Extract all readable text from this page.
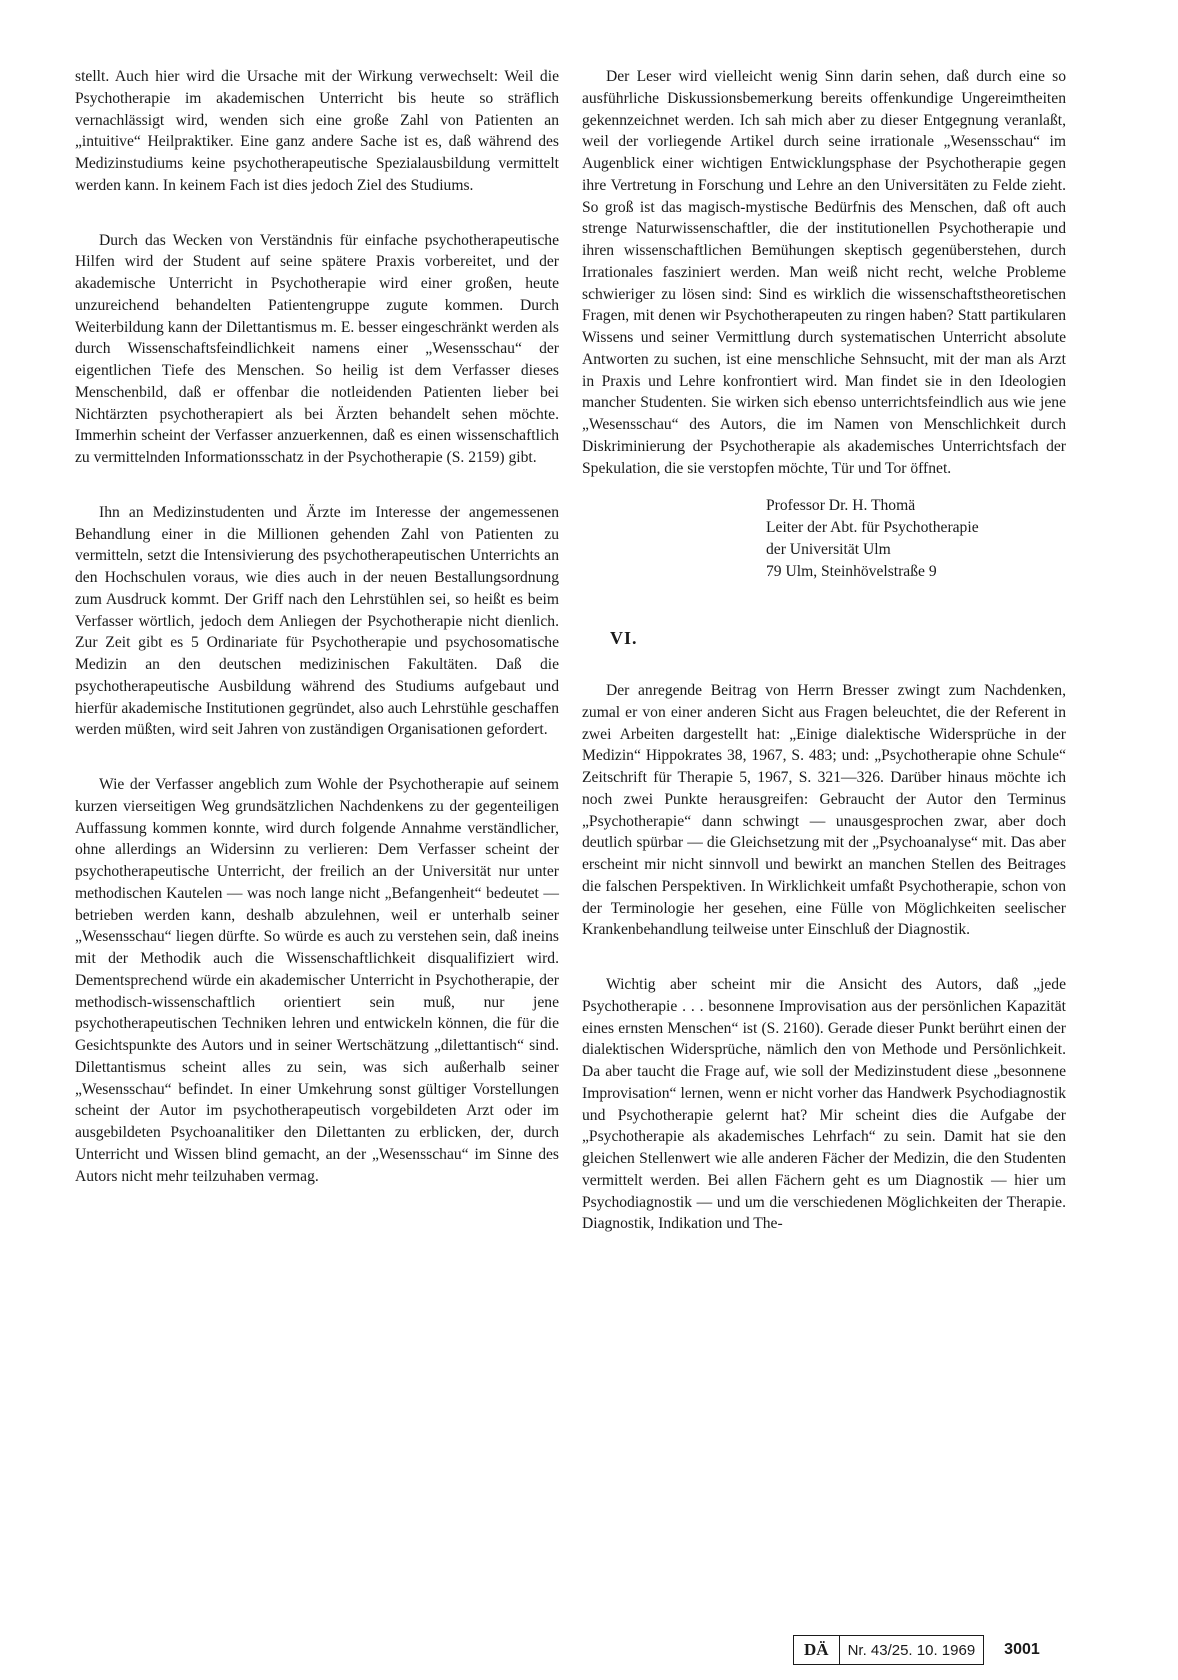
stellt. Auch hier wird die Ursache mit der Wirkung verwechselt: Weil die Psychotherapie im akademischen Unterricht bis heute so sträflich vernachlässigt wird, wenden sich eine große Zahl von Patienten an „intuitive“ Heilpraktiker. Eine ganz andere Sache ist es, daß während des Medizinstudiums keine psychotherapeutische Spezialausbildung vermittelt werden kann. In keinem Fach ist dies jedoch Ziel des Studiums.

Durch das Wecken von Verständnis für einfache psychotherapeutische Hilfen wird der Student auf seine spätere Praxis vorbereitet, und der akademische Unterricht in Psychotherapie wird einer großen, heute unzureichend behandelten Patientengruppe zugute kommen. Durch Weiterbildung kann der Dilettantismus m. E. besser eingeschränkt werden als durch Wissenschaftsfeindlichkeit namens einer „Wesensschau“ der eigentlichen Tiefe des Menschen. So heilig ist dem Verfasser dieses Menschenbild, daß er offenbar die notleidenden Patienten lieber bei Nichtärzten psychotherapiert als bei Ärzten behandelt sehen möchte. Immerhin scheint der Verfasser anzuerkennen, daß es einen wissenschaftlich zu vermittelnden Informationsschatz in der Psychotherapie (S. 2159) gibt.

Ihn an Medizinstudenten und Ärzte im Interesse der angemessenen Behandlung einer in die Millionen gehenden Zahl von Patienten zu vermitteln, setzt die Intensivierung des psychotherapeutischen Unterrichts an den Hochschulen voraus, wie dies auch in der neuen Bestallungsordnung zum Ausdruck kommt. Der Griff nach den Lehrstühlen sei, so heißt es beim Verfasser wörtlich, jedoch dem Anliegen der Psychotherapie nicht dienlich. Zur Zeit gibt es 5 Ordinariate für Psychotherapie und psychosomatische Medizin an den deutschen medizinischen Fakultäten. Daß die psychotherapeutische Ausbildung während des Studiums aufgebaut und hierfür akademische Institutionen gegründet, also auch Lehrstühle geschaffen werden müßten, wird seit Jahren von zuständigen Organisationen gefordert.

Wie der Verfasser angeblich zum Wohle der Psychotherapie auf seinem kurzen vierseitigen Weg grundsätzlichen Nachdenkens zu der gegenteiligen Auffassung kommen konnte, wird durch folgende Annahme verständlicher, ohne allerdings an Widersinn zu verlieren: Dem Verfasser scheint der psychotherapeutische Unterricht, der freilich an der Universität nur unter methodischen Kautelen — was noch lange nicht „Befangenheit“ bedeutet — betrieben werden kann, deshalb abzulehnen, weil er unterhalb seiner „Wesensschau“ liegen dürfte. So würde es auch zu verstehen sein, daß ineins mit der Methodik auch die Wissenschaftlichkeit disqualifiziert wird. Dementsprechend würde ein akademischer Unterricht in Psychotherapie, der methodisch-wissenschaftlich orientiert sein muß, nur jene psychotherapeutischen Techniken lehren und entwickeln können, die für die Gesichtspunkte des Autors und in seiner Wertschätzung „dilettantisch“ sind. Dilettantismus scheint alles zu sein, was sich außerhalb seiner „Wesensschau“ befindet. In einer Umkehrung sonst gültiger Vorstellungen scheint der Autor im psychotherapeutisch vorgebildeten Arzt oder im ausgebildeten Psychoanalitiker den Dilettanten zu erblicken, der, durch Unterricht und Wissen blind gemacht, an der „Wesensschau“ im Sinne des Autors nicht mehr teilzuhaben vermag.

Der Leser wird vielleicht wenig Sinn darin sehen, daß durch eine so ausführliche Diskussionsbemerkung bereits offenkundige Ungereimtheiten gekennzeichnet werden. Ich sah mich aber zu dieser Entgegnung veranlaßt, weil der vorliegende Artikel durch seine irrationale „Wesensschau“ im Augenblick einer wichtigen Entwicklungsphase der Psychotherapie gegen ihre Vertretung in Forschung und Lehre an den Universitäten zu Felde zieht. So groß ist das magisch-mystische Bedürfnis des Menschen, daß oft auch strenge Naturwissenschaftler, die der institutionellen Psychotherapie und ihren wissenschaftlichen Bemühungen skeptisch gegenüberstehen, durch Irrationales fasziniert werden. Man weiß nicht recht, welche Probleme schwieriger zu lösen sind: Sind es wirklich die wissenschaftstheoretischen Fragen, mit denen wir Psychotherapeuten zu ringen haben? Statt partikularen Wissens und seiner Vermittlung durch systematischen Unterricht absolute Antworten zu suchen, ist eine menschliche Sehnsucht, mit der man als Arzt in Praxis und Lehre konfrontiert wird. Man findet sie in den Ideologien mancher Studenten. Sie wirken sich ebenso unterrichtsfeindlich aus wie jene „Wesensschau“ des Autors, die im Namen von Menschlichkeit durch Diskriminierung der Psychotherapie als akademisches Unterrichtsfach der Spekulation, die sie verstopfen möchte, Tür und Tor öffnet.

Professor Dr. H. Thomä
Leiter der Abt. für Psychotherapie
der Universität Ulm
79 Ulm, Steinhövelstraße 9
VI.

Der anregende Beitrag von Herrn Bresser zwingt zum Nachdenken, zumal er von einer anderen Sicht aus Fragen beleuchtet, die der Referent in zwei Arbeiten dargestellt hat: „Einige dialektische Widersprüche in der Medizin“ Hippokrates 38, 1967, S. 483; und: „Psychotherapie ohne Schule“ Zeitschrift für Therapie 5, 1967, S. 321—326. Darüber hinaus möchte ich noch zwei Punkte herausgreifen: Gebraucht der Autor den Terminus „Psychotherapie“ dann schwingt — unausgesprochen zwar, aber doch deutlich spürbar — die Gleichsetzung mit der „Psychoanalyse“ mit. Das aber erscheint mir nicht sinnvoll und bewirkt an manchen Stellen des Beitrages die falschen Perspektiven. In Wirklichkeit umfaßt Psychotherapie, schon von der Terminologie her gesehen, eine Fülle von Möglichkeiten seelischer Krankenbehandlung teilweise unter Einschluß der Diagnostik.

Wichtig aber scheint mir die Ansicht des Autors, daß „jede Psychotherapie . . . besonnene Improvisation aus der persönlichen Kapazität eines ernsten Menschen“ ist (S. 2160). Gerade dieser Punkt berührt einen der dialektischen Widersprüche, nämlich den von Methode und Persönlichkeit. Da aber taucht die Frage auf, wie soll der Medizinstudent diese „besonnene Improvisation“ lernen, wenn er nicht vorher das Handwerk Psychodiagnostik und Psychotherapie gelernt hat? Mir scheint dies die Aufgabe der „Psychotherapie als akademisches Lehrfach“ zu sein. Damit hat sie den gleichen Stellenwert wie alle anderen Fächer der Medizin, die den Studenten vermittelt werden. Bei allen Fächern geht es um Diagnostik — hier um Psychodiagnostik — und um die verschiedenen Möglichkeiten der Therapie. Diagnostik, Indikation und The-

DÄ	Nr. 43/25. 10. 1969	3001
